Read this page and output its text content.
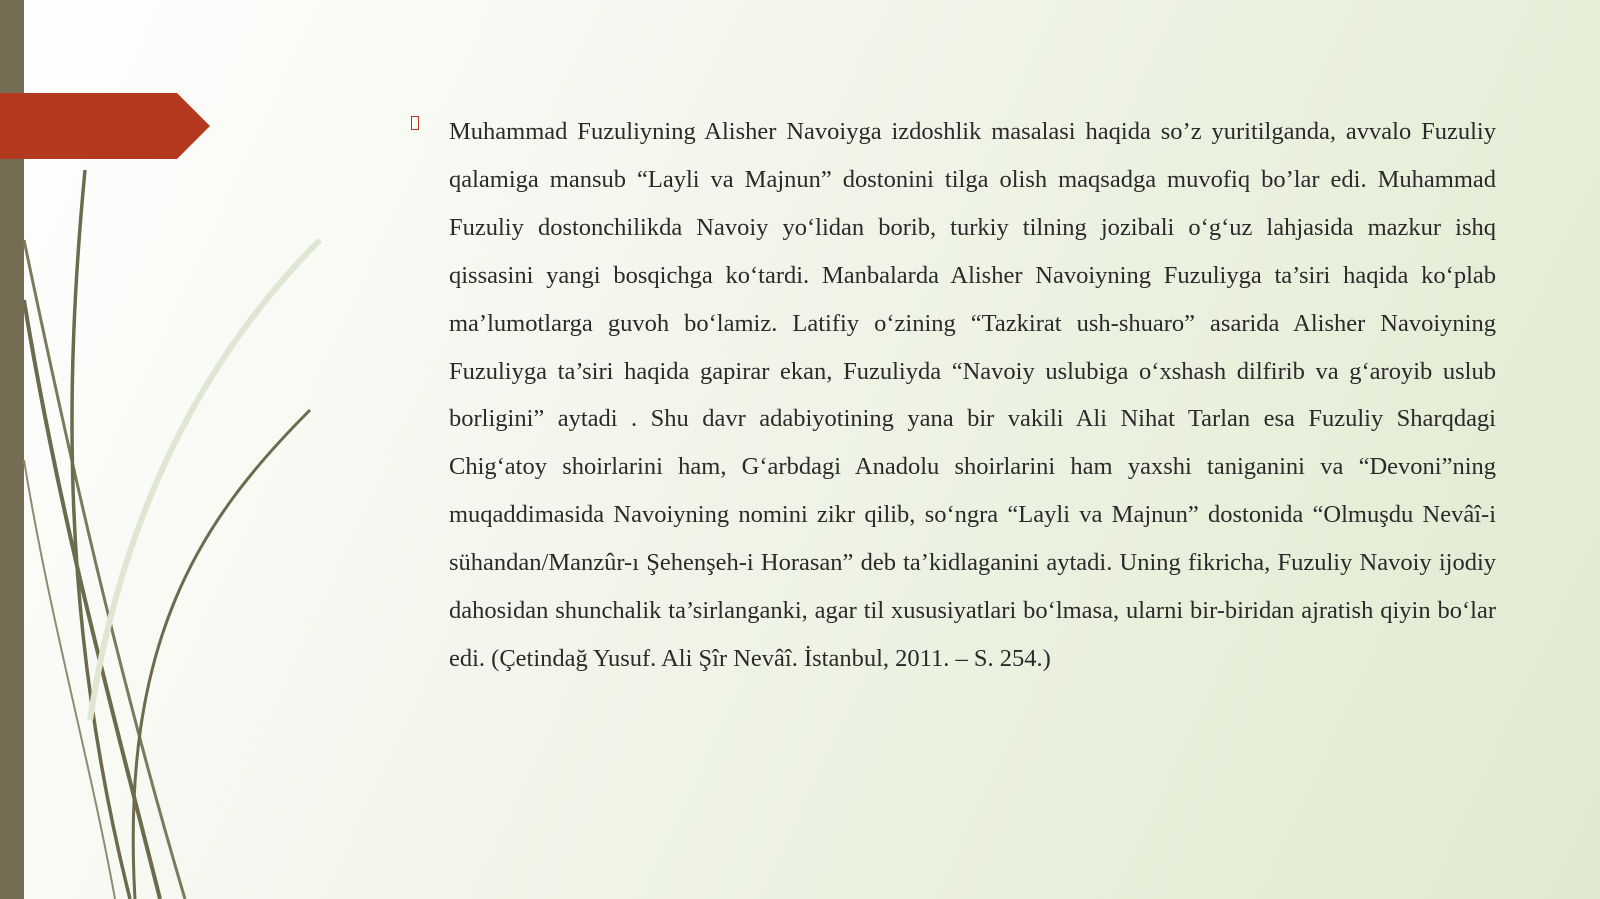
Muhammad Fuzuliyning Alisher Navoiyga izdoshlik masalasi haqida so’z yuritilganda, avvalo Fuzuliy qalamiga mansub “Layli va Majnun” dostonini tilga olish maqsadga muvofiq bo’lar edi. Muhammad Fuzuliy dostonchilikda Navoiy yo‘lidan borib, turkiy tilning jozibali o‘g‘uz lahjasida mazkur ishq qissasini yangi bosqichga ko‘tardi. Manbalarda Alisher Navoiyning Fuzuliyga ta’siri haqida ko‘plab ma’lumotlarga guvoh bo‘lamiz. Latifiy o‘zining “Tazkirat ush-shuaro” asarida Alisher Navoiyning Fuzuliyga ta’siri haqida gapirar ekan, Fuzuliyda “Navoiy uslubiga o‘xshash dilfirib va g‘aroyib uslub borligini” aytadi . Shu davr adabiyotining yana bir vakili Ali Nihat Tarlan esa Fuzuliy Sharqdagi Chig‘atoy shoirlarini ham, G‘arbdagi Anadolu shoirlarini ham yaxshi taniganini va “Devoni”ning muqaddimasida Navoiyning nomini zikr qilib, so‘ngra “Layli va Majnun” dostonida “Olmuşdu Nevâî-i sühandan/Manzûr-ı Şehenşeh-i Horasan” deb ta’kidlaganini aytadi. Uning fikricha, Fuzuliy Navoiy ijodiy dahosidan shunchalik ta’sirlanganki, agar til xususiyatlari bo‘lmasa, ularni bir-biridan ajratish qiyin bo‘lar edi. (Çetindağ Yusuf. Ali Şîr Nevâî. İstanbul, 2011. – S. 254.)
